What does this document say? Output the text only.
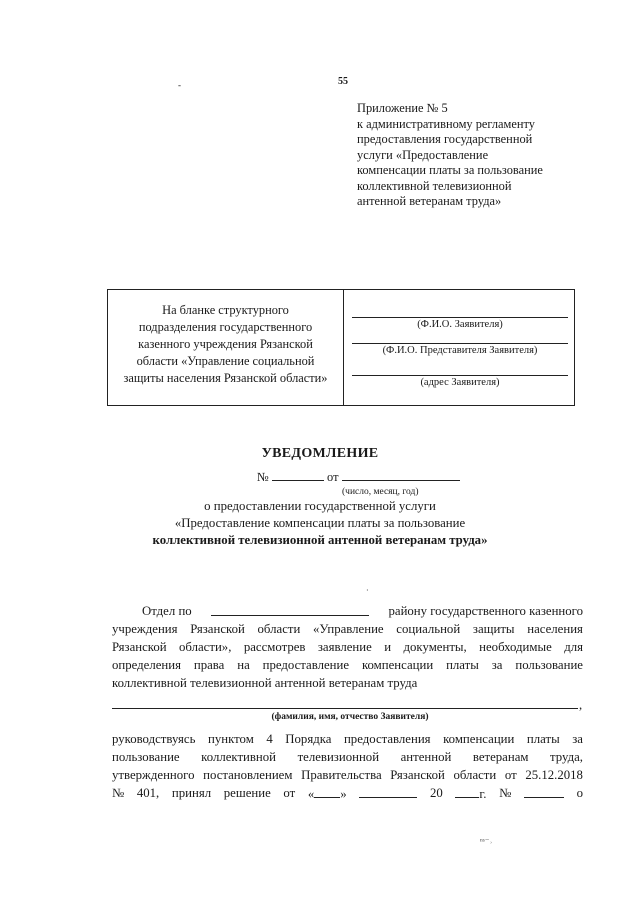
55
-
Приложение № 5
к административному регламенту
предоставления государственной
услуги «Предоставление
компенсации платы за пользование
коллективной телевизионной
антенной ветеранам труда»
На бланке структурного
подразделения государственного
казенного учреждения Рязанской
области «Управление социальной
защиты населения Рязанской области»
(Ф.И.О. Заявителя)
(Ф.И.О. Представителя Заявителя)
(адрес Заявителя)
УВЕДОМЛЕНИЕ
№	от
(число, месяц, год)
о предоставлении государственной услуги
«Предоставление компенсации платы за пользование
коллективной телевизионной антенной ветеранам труда»
·
Отдел по	району государственного казенного
учреждения Рязанской области «Управление социальной защиты населения
Рязанской области», рассмотрев заявление и документы, необходимые для
определения права на предоставление компенсации платы за пользование
коллективной телевизионной антенной ветеранам труда
,
(фамилия, имя, отчество Заявителя)
руководствуясь пунктом 4 Порядка предоставления компенсации платы за
пользование коллективной телевизионной антенной ветеранам труда,
утвержденного постановлением Правительства Рязанской области от 25.12.2018
№ 401, принял решение от « »	20	г. №	о
ⁿˢ⁻˒
